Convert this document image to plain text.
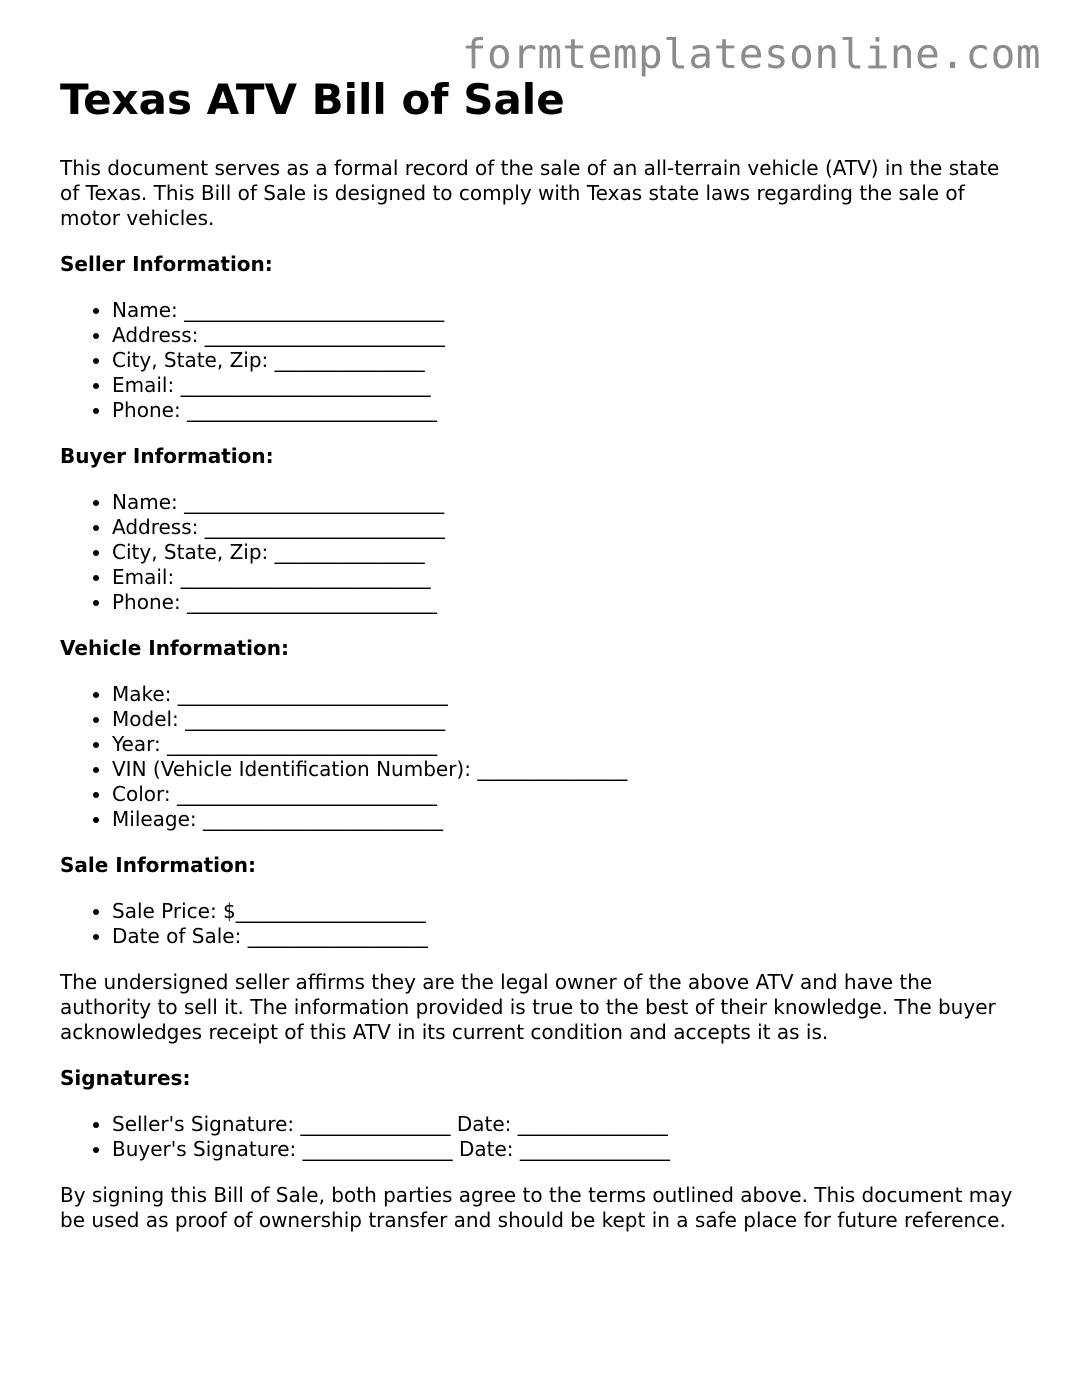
formtemplatesonline.com
Texas ATV Bill of Sale

This document serves as a formal record of the sale of an all-terrain vehicle (ATV) in the state of Texas. This Bill of Sale is designed to comply with Texas state laws regarding the sale of motor vehicles.

Seller Information:
• Name: __________________________
• Address: ________________________
• City, State, Zip: _______________
• Email: _________________________
• Phone: _________________________
Buyer Information:
• Name: __________________________
• Address: ________________________
• City, State, Zip: _______________
• Email: _________________________
• Phone: _________________________
Vehicle Information:
• Make: ___________________________
• Model: __________________________
• Year: ___________________________
• VIN (Vehicle Identification Number): _______________
• Color: __________________________
• Mileage: ________________________
Sale Information:
• Sale Price: $___________________
• Date of Sale: __________________

The undersigned seller affirms they are the legal owner of the above ATV and have the authority to sell it. The information provided is true to the best of their knowledge. The buyer acknowledges receipt of this ATV in its current condition and accepts it as is.

Signatures:
• Seller's Signature: _______________ Date: _______________
• Buyer's Signature: _______________ Date: _______________

By signing this Bill of Sale, both parties agree to the terms outlined above. This document may be used as proof of ownership transfer and should be kept in a safe place for future reference.
